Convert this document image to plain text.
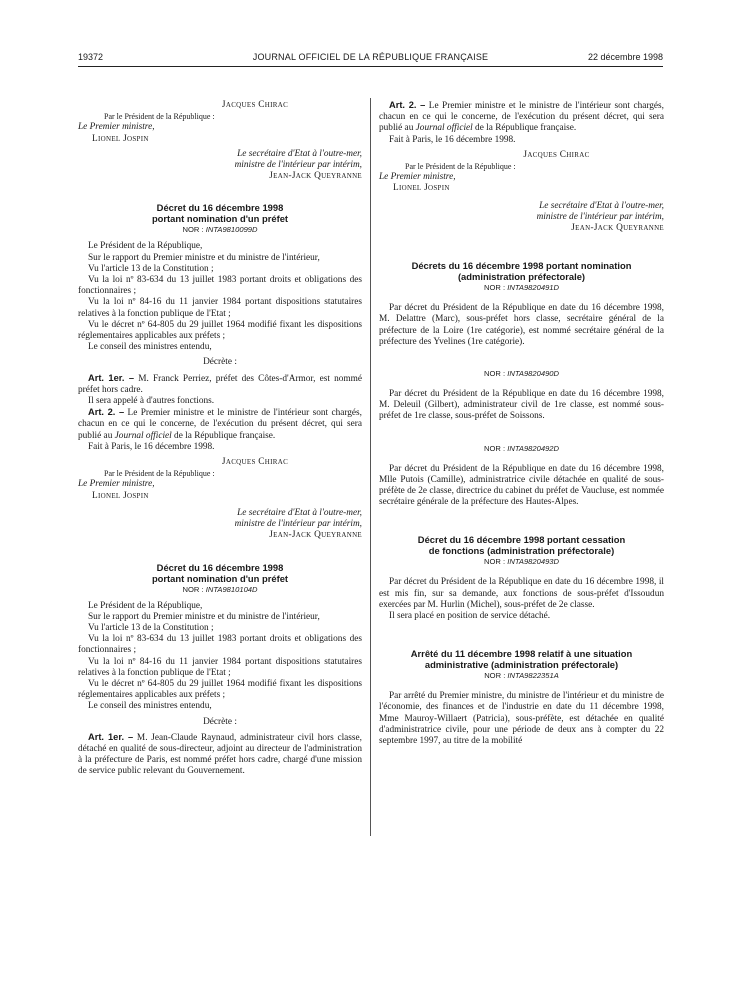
19372	JOURNAL OFFICIEL DE LA RÉPUBLIQUE FRANÇAISE	22 décembre 1998

Jacques Chirac

Par le Président de la République :

Le Premier ministre,

Lionel Jospin

Le secrétaire d'Etat à l'outre-mer,

ministre de l'intérieur par intérim,

Jean-Jack Queyranne

Décret du 16 décembre 1998

portant nomination d'un préfet

NOR : INTA9810099D

Le Président de la République,

Sur le rapport du Premier ministre et du ministre de l'intérieur,

Vu l'article 13 de la Constitution ;

Vu la loi nº 83-634 du 13 juillet 1983 portant droits et obligations des fonctionnaires ;

Vu la loi nº 84-16 du 11 janvier 1984 portant dispositions statutaires relatives à la fonction publique de l'Etat ;

Vu le décret nº 64-805 du 29 juillet 1964 modifié fixant les dispositions réglementaires applicables aux préfets ;

Le conseil des ministres entendu,

Décrète :

Art. 1er. – M. Franck Perriez, préfet des Côtes-d'Armor, est nommé préfet hors cadre.

Il sera appelé à d'autres fonctions.

Art. 2. – Le Premier ministre et le ministre de l'intérieur sont chargés, chacun en ce qui le concerne, de l'exécution du présent décret, qui sera publié au Journal officiel de la République française.

Fait à Paris, le 16 décembre 1998.

Jacques Chirac

Par le Président de la République :

Le Premier ministre,

Lionel Jospin

Le secrétaire d'Etat à l'outre-mer,

ministre de l'intérieur par intérim,

Jean-Jack Queyranne

Décret du 16 décembre 1998

portant nomination d'un préfet

NOR : INTA9810104D

Le Président de la République,

Sur le rapport du Premier ministre et du ministre de l'intérieur,

Vu l'article 13 de la Constitution ;

Vu la loi nº 83-634 du 13 juillet 1983 portant droits et obligations des fonctionnaires ;

Vu la loi nº 84-16 du 11 janvier 1984 portant dispositions statutaires relatives à la fonction publique de l'Etat ;

Vu le décret nº 64-805 du 29 juillet 1964 modifié fixant les dispositions réglementaires applicables aux préfets ;

Le conseil des ministres entendu,

Décrète :

Art. 1er. – M. Jean-Claude Raynaud, administrateur civil hors classe, détaché en qualité de sous-directeur, adjoint au directeur de l'administration à la préfecture de Paris, est nommé préfet hors cadre, chargé d'une mission de service public relevant du Gouvernement.

Art. 2. – Le Premier ministre et le ministre de l'intérieur sont chargés, chacun en ce qui le concerne, de l'exécution du présent décret, qui sera publié au Journal officiel de la République française.

Fait à Paris, le 16 décembre 1998.

Jacques Chirac

Par le Président de la République :

Le Premier ministre,

Lionel Jospin

Le secrétaire d'Etat à l'outre-mer,

ministre de l'intérieur par intérim,

Jean-Jack Queyranne

Décrets du 16 décembre 1998 portant nomination

(administration préfectorale)

NOR : INTA9820491D

Par décret du Président de la République en date du 16 décembre 1998, M. Delattre (Marc), sous-préfet hors classe, secrétaire général de la préfecture de la Loire (1re catégorie), est nommé secrétaire général de la préfecture des Yvelines (1re catégorie).

NOR : INTA9820490D

Par décret du Président de la République en date du 16 décembre 1998, M. Deleuil (Gilbert), administrateur civil de 1re classe, est nommé sous-préfet de 1re classe, sous-préfet de Soissons.

NOR : INTA9820492D

Par décret du Président de la République en date du 16 décembre 1998, Mlle Putois (Camille), administratrice civile détachée en qualité de sous-préfète de 2e classe, directrice du cabinet du préfet de Vaucluse, est nommée secrétaire générale de la préfecture des Hautes-Alpes.

Décret du 16 décembre 1998 portant cessation

de fonctions (administration préfectorale)

NOR : INTA9820493D

Par décret du Président de la République en date du 16 décembre 1998, il est mis fin, sur sa demande, aux fonctions de sous-préfet d'Issoudun exercées par M. Hurlin (Michel), sous-préfet de 2e classe.

Il sera placé en position de service détaché.

Arrêté du 11 décembre 1998 relatif à une situation

administrative (administration préfectorale)

NOR : INTA9822351A

Par arrêté du Premier ministre, du ministre de l'intérieur et du ministre de l'économie, des finances et de l'industrie en date du 11 décembre 1998, Mme Mauroy-Willaert (Patricia), sous-préfète, est détachée en qualité d'administratrice civile, pour une période de deux ans à compter du 22 septembre 1997, au titre de la mobilité
